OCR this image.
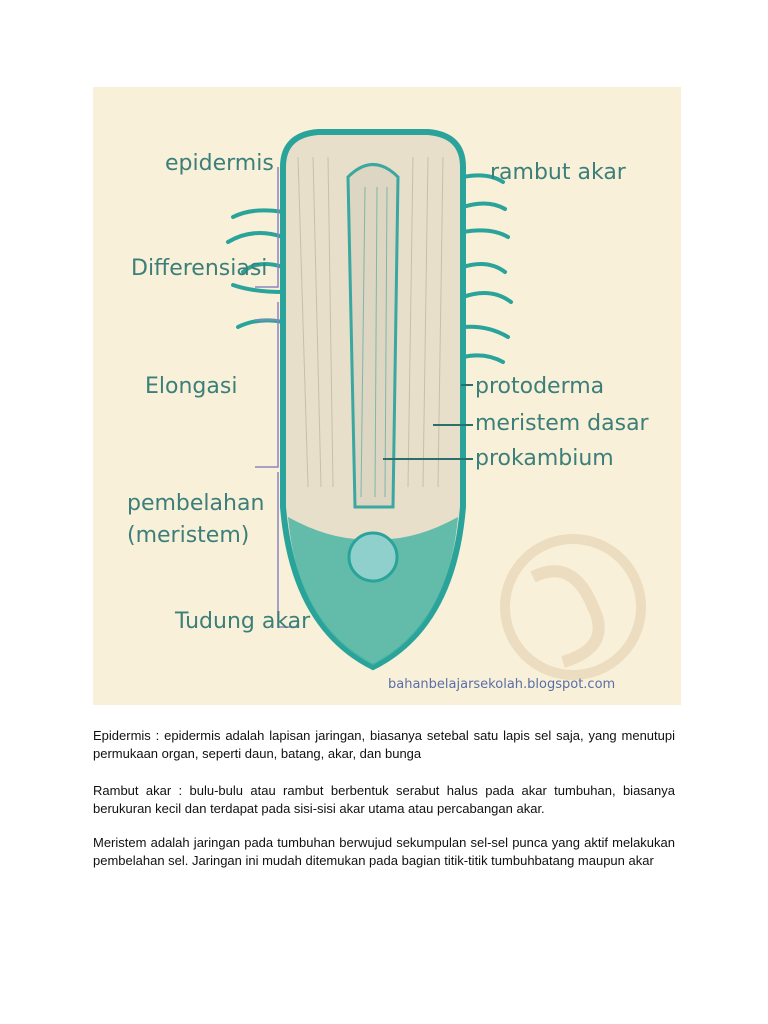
epidermis	rambut akar
Differensiasi
Elongasi	protoderma
meristem dasar
prokambium
pembelahan
(meristem)
Tudung akar
bahanbelajarsekolah.blogspot.com

Epidermis : epidermis adalah lapisan jaringan, biasanya setebal satu lapis sel saja, yang menutupi permukaan organ, seperti daun, batang, akar, dan bunga

Rambut akar : bulu-bulu atau rambut berbentuk serabut halus pada akar tumbuhan, biasanya berukuran kecil dan terdapat pada sisi-sisi akar utama atau percabangan akar.

Meristem adalah jaringan pada tumbuhan berwujud sekumpulan sel-sel punca yang aktif melakukan pembelahan sel. Jaringan ini mudah ditemukan pada bagian titik-titik tumbuhbatang maupun akar
